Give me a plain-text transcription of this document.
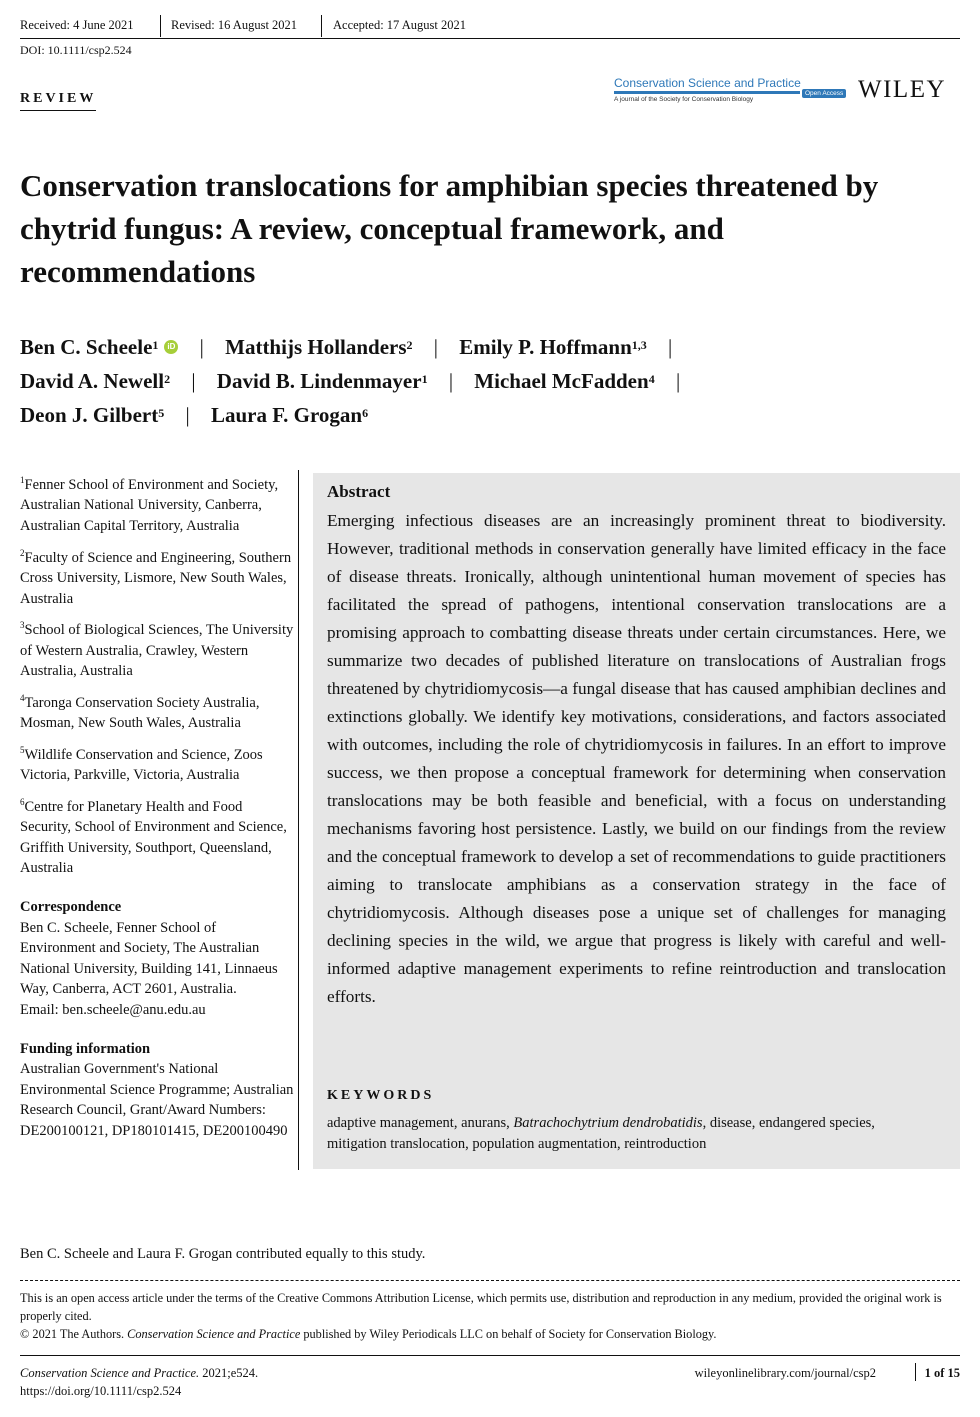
Received: 4 June 2021	Revised: 16 August 2021	Accepted: 17 August 2021
DOI: 10.1111/csp2.524
REVIEW
Conservation Science and Practice
Open Access
A journal of the Society for Conservation Biology	WILEY
Conservation translocations for amphibian species threatened by chytrid fungus: A review, conceptual framework, and recommendations
Ben C. Scheele$^1$ iD | Matthijs Hollanders$^2$ | Emily P. Hoffmann$^{1,3}$ |
David A. Newell$^2$ | David B. Lindenmayer$^1$ | Michael McFadden$^4$ |
Deon J. Gilbert$^5$ | Laura F. Grogan$^6$
$^1$Fenner School of Environment and Society, Australian National University, Canberra, Australian Capital Territory, Australia
$^2$Faculty of Science and Engineering, Southern Cross University, Lismore, New South Wales, Australia
$^3$School of Biological Sciences, The University of Western Australia, Crawley, Western Australia, Australia
$^4$Taronga Conservation Society Australia, Mosman, New South Wales, Australia
$^5$Wildlife Conservation and Science, Zoos Victoria, Parkville, Victoria, Australia
$^6$Centre for Planetary Health and Food Security, School of Environment and Science, Griffith University, Southport, Queensland, Australia
Correspondence
Ben C. Scheele, Fenner School of Environment and Society, The Australian National University, Building 141, Linnaeus Way, Canberra, ACT 2601, Australia.
Email: ben.scheele@anu.edu.au
Funding information
Australian Government's National Environmental Science Programme; Australian Research Council, Grant/Award Numbers: DE200100121, DP180101415, DE200100490
Abstract
Emerging infectious diseases are an increasingly prominent threat to biodiversity. However, traditional methods in conservation generally have limited efficacy in the face of disease threats. Ironically, although unintentional human movement of species has facilitated the spread of pathogens, intentional conservation translocations are a promising approach to combatting disease threats under certain circumstances. Here, we summarize two decades of published literature on translocations of Australian frogs threatened by chytridiomycosis—a fungal disease that has caused amphibian declines and extinctions globally. We identify key motivations, considerations, and factors associated with outcomes, including the role of chytridiomycosis in failures. In an effort to improve success, we then propose a conceptual framework for determining when conservation translocations may be both feasible and beneficial, with a focus on understanding mechanisms favoring host persistence. Lastly, we build on our findings from the review and the conceptual framework to develop a set of recommendations to guide practitioners aiming to translocate amphibians as a conservation strategy in the face of chytridiomycosis. Although diseases pose a unique set of challenges for managing declining species in the wild, we argue that progress is likely with careful and well-informed adaptive management experiments to refine reintroduction and translocation efforts.
KEYWORDS
adaptive management, anurans, Batrachochytrium dendrobatidis, disease, endangered species, mitigation translocation, population augmentation, reintroduction
Ben C. Scheele and Laura F. Grogan contributed equally to this study.
This is an open access article under the terms of the Creative Commons Attribution License, which permits use, distribution and reproduction in any medium, provided the original work is properly cited.
© 2021 The Authors. Conservation Science and Practice published by Wiley Periodicals LLC on behalf of Society for Conservation Biology.
Conservation Science and Practice. 2021;e524.
https://doi.org/10.1111/csp2.524
wileyonlinelibrary.com/journal/csp2	1 of 15
